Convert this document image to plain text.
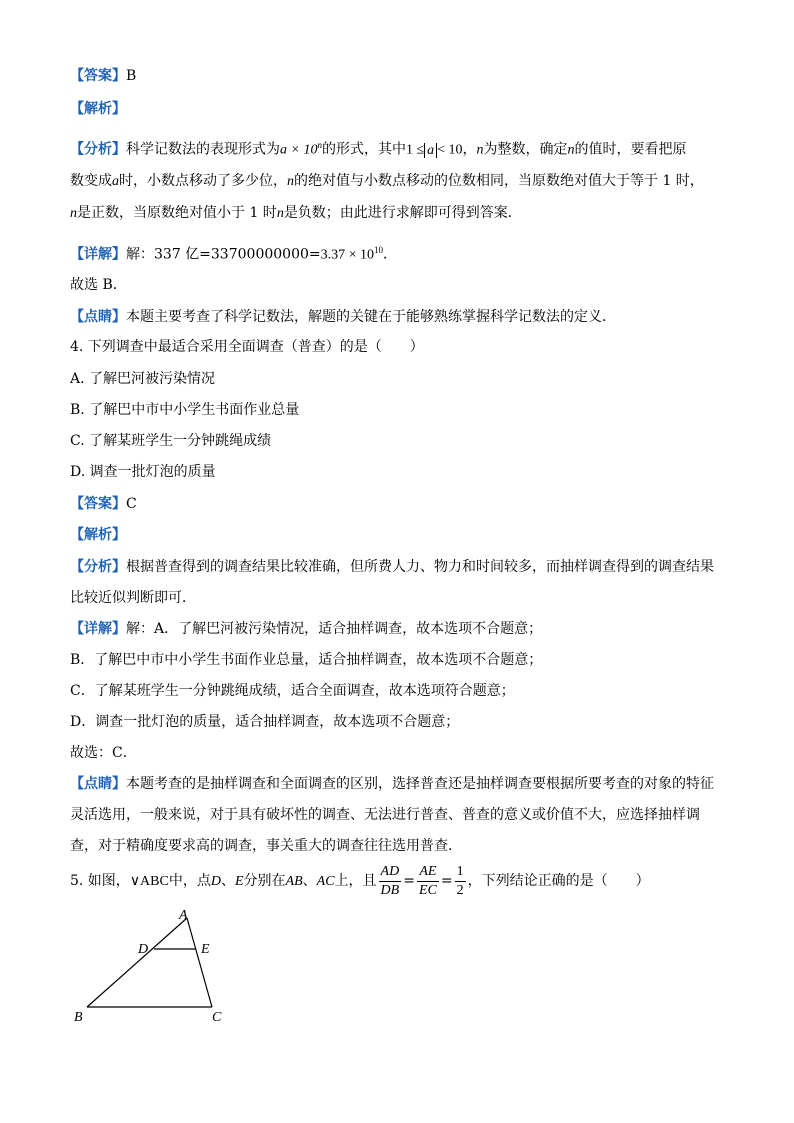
【答案】B
【解析】
【分析】科学记数法的表现形式为$a \times 10^n$的形式，其中1 ≤ a < 10，n为整数，确定n的值时，要看把原
数变成a时，小数点移动了多少位，n的绝对值与小数点移动的位数相同，当原数绝对值大于等于 1 时，
n是正数，当原数绝对值小于 1 时n是负数；由此进行求解即可得到答案．
【详解】解：337 亿$=33700000000=3.37 \times 10^{10}$．
故选 B．
【点睛】本题主要考查了科学记数法，解题的关键在于能够熟练掌握科学记数法的定义．
4. 下列调查中最适合采用全面调查（普查）的是（　　）
A. 了解巴河被污染情况
B. 了解巴中市中小学生书面作业总量
C. 了解某班学生一分钟跳绳成绩
D. 调查一批灯泡的质量
【答案】C
【解析】
【分析】根据普查得到的调查结果比较准确，但所费人力、物力和时间较多，而抽样调查得到的调查结果
比较近似判断即可．
【详解】解：A．了解巴河被污染情况，适合抽样调查，故本选项不合题意；
B．了解巴中市中小学生书面作业总量，适合抽样调查，故本选项不合题意；
C．了解某班学生一分钟跳绳成绩，适合全面调查，故本选项符合题意；
D．调查一批灯泡的质量，适合抽样调查，故本选项不合题意；
故选：C．
【点睛】本题考查的是抽样调查和全面调查的区别，选择普查还是抽样调查要根据所要考查的对象的特征
灵活选用，一般来说，对于具有破坏性的调查、无法进行普查、普查的意义或价值不大，应选择抽样调
查，对于精确度要求高的调查，事关重大的调查往往选用普查．
5. 如图，∨ABC中，点D、E分别在AB、AC上，且 $\frac{AD}{DB} = \frac{AE}{EC} = \frac{1}{2}$ ，下列结论正确的是（　　）
A
D	E
B	C
